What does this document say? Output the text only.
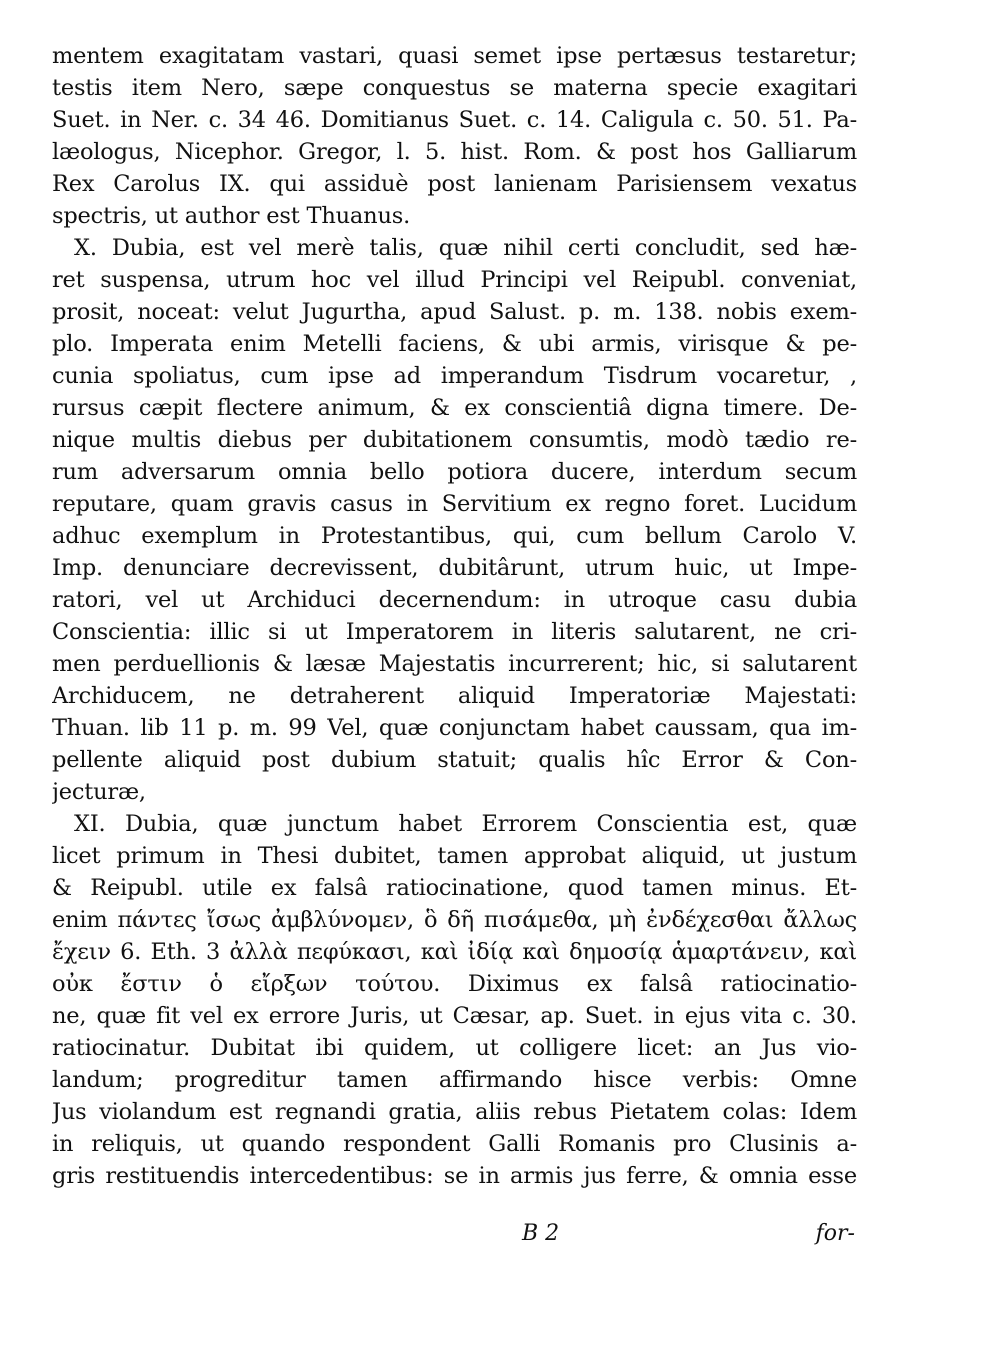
mentem exagitatam vastari, quasi semet ipse pertæsus testaretur;
testis item Nero, sæpe conquestus se materna specie exagitari
Suet. in Ner. c. 34 46. Domitianus Suet. c. 14. Caligula c. 50. 51. Pa-
læologus, Nicephor. Gregor, l. 5. hist. Rom. & post hos Galliarum
Rex Carolus IX. qui assiduè post lanienam Parisiensem vexatus
spectris, ut author est Thuanus.
X. Dubia, est vel merè talis, quæ nihil certi concludit, sed hæ-
ret suspensa, utrum hoc vel illud Principi vel Reipubl. conveniat,
prosit, noceat: velut Jugurtha, apud Salust. p. m. 138. nobis exem-
plo. Imperata enim Metelli faciens, & ubi armis, virisque & pe-
cunia spoliatus, cum ipse ad imperandum Tisdrum vocaretur, ,
rursus cæpit flectere animum, & ex conscientiâ digna timere. De-
nique multis diebus per dubitationem consumtis, modò tædio re-
rum adversarum omnia bello potiora ducere, interdum secum
reputare, quam gravis casus in Servitium ex regno foret. Lucidum
adhuc exemplum in Protestantibus, qui, cum bellum Carolo V.
Imp. denunciare decrevissent, dubitârunt, utrum huic, ut Impe-
ratori, vel ut Archiduci decernendum: in utroque casu dubia
Conscientia: illic si ut Imperatorem in literis salutarent, ne cri-
men perduellionis & læsæ Majestatis incurrerent; hic, si salutarent
Archiducem, ne detraherent aliquid Imperatoriæ Majestati:
Thuan. lib 11 p. m. 99 Vel, quæ conjunctam habet caussam, qua im-
pellente aliquid post dubium statuit; qualis hîc Error & Con-
jecturæ,
XI. Dubia, quæ junctum habet Errorem Conscientia est, quæ
licet primum in Thesi dubitet, tamen approbat aliquid, ut justum
& Reipubl. utile ex falsâ ratiocinatione, quod tamen minus. Et-
enim πάντες ἴσως ἀμβλύνομεν, ὃ δῆ πισάμεθα, μὴ ἐνδέχεσθαι ἄλλως
ἔχειν 6. Eth. 3 ἀλλὰ πεφύκασι, καὶ ἰδίᾳ καὶ δημοσίᾳ ἁμαρτάνειν, καὶ
οὐκ ἔστιν ὁ εἴρξων τούτου. Diximus ex falsâ ratiocinatio-
ne, quæ fit vel ex errore Juris, ut Cæsar, ap. Suet. in ejus vita c. 30.
ratiocinatur. Dubitat ibi quidem, ut colligere licet: an Jus vio-
landum; progreditur tamen affirmando hisce verbis: Omne
Jus violandum est regnandi gratia, aliis rebus Pietatem colas: Idem
in reliquis, ut quando respondent Galli Romanis pro Clusinis a-
gris restituendis intercedentibus: se in armis jus ferre, & omnia esse
B 2	for-
